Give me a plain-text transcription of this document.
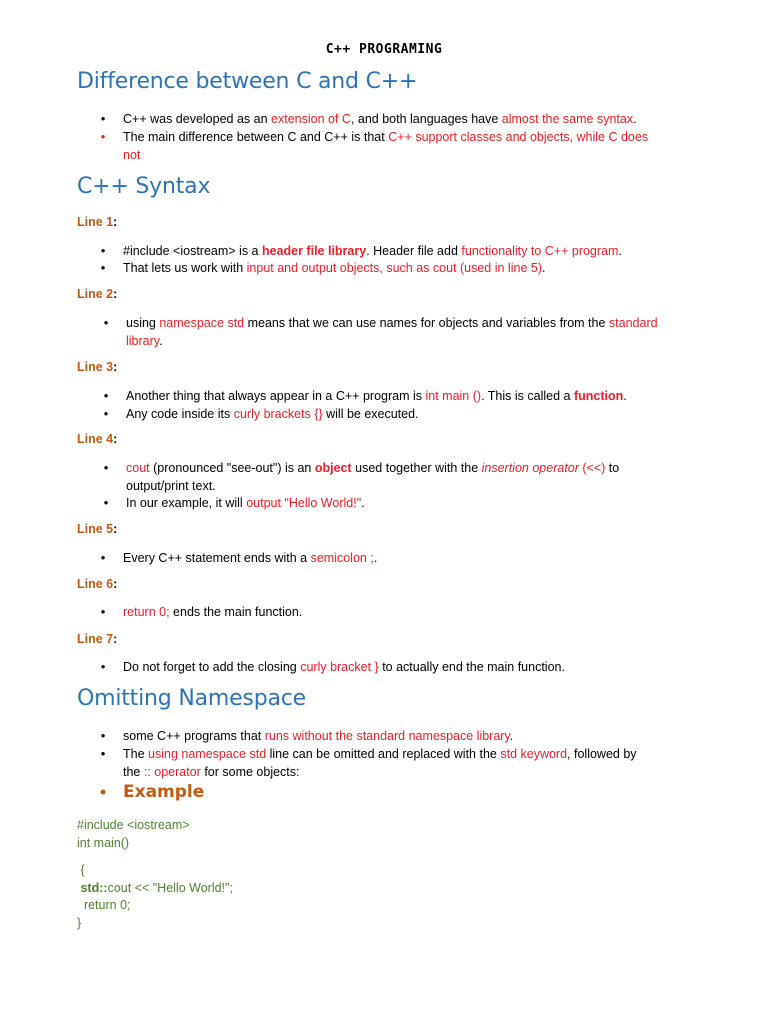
C++ PROGRAMING
Difference between C and C++
•	C++ was developed as an extension of C, and both languages have almost the same syntax.
•	The main difference between C and C++ is that C++ support classes and objects, while C does
not
C++ Syntax
Line 1:
•	#include <iostream> is a header file library. Header file add functionality to C++ program.
•	That lets us work with input and output objects, such as cout (used in line 5).
Line 2:
•	using namespace std means that we can use names for objects and variables from the standard
library.
Line 3:
•	Another thing that always appear in a C++ program is int main (). This is called a function.
•	Any code inside its curly brackets {} will be executed.
Line 4:
•	cout (pronounced "see-out") is an object used together with the insertion operator (<<) to
output/print text.
•	In our example, it will output "Hello World!".
Line 5:
•	Every C++ statement ends with a semicolon ;.
Line 6:
•	return 0; ends the main function.
Line 7:
•	Do not forget to add the closing curly bracket } to actually end the main function.
Omitting Namespace
•	some C++ programs that runs without the standard namespace library.
•	The using namespace std line can be omitted and replaced with the std keyword, followed by
the :: operator for some objects:
• Example
#include <iostream>
int main()
{
std::cout << "Hello World!";
return 0;
}
